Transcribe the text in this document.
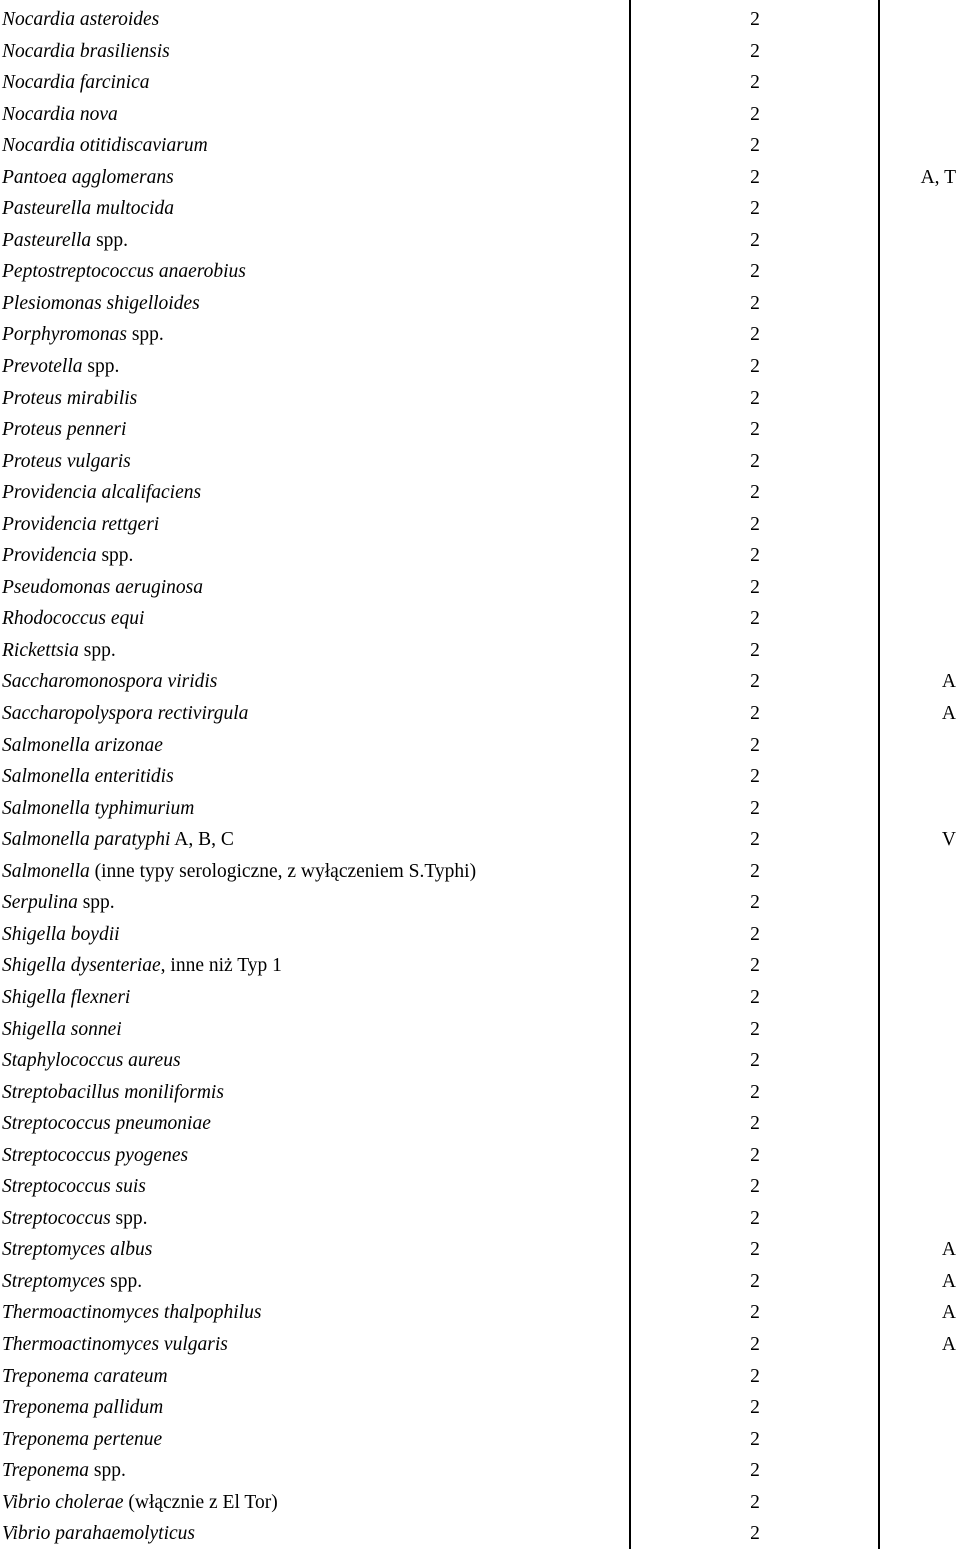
Nocardia asteroides	2
Nocardia brasiliensis	2
Nocardia farcinica	2
Nocardia nova	2
Nocardia otitidiscaviarum	2
Pantoea agglomerans	2	A, T
Pasteurella multocida	2
Pasteurella spp.	2
Peptostreptococcus anaerobius	2
Plesiomonas shigelloides	2
Porphyromonas spp.	2
Prevotella spp.	2
Proteus mirabilis	2
Proteus penneri	2
Proteus vulgaris	2
Providencia alcalifaciens	2
Providencia rettgeri	2
Providencia spp.	2
Pseudomonas aeruginosa	2
Rhodococcus equi	2
Rickettsia spp.	2
Saccharomonospora viridis	2	A
Saccharopolyspora rectivirgula	2	A
Salmonella arizonae	2
Salmonella enteritidis	2
Salmonella typhimurium	2
Salmonella paratyphi A, B, C	2	V
Salmonella (inne typy serologiczne, z wyłączeniem S.Typhi)	2
Serpulina spp.	2
Shigella boydii	2
Shigella dysenteriae, inne niż Typ 1	2
Shigella flexneri	2
Shigella sonnei	2
Staphylococcus aureus	2
Streptobacillus moniliformis	2
Streptococcus pneumoniae	2
Streptococcus pyogenes	2
Streptococcus suis	2
Streptococcus spp.	2
Streptomyces albus	2	A
Streptomyces spp.	2	A
Thermoactinomyces thalpophilus	2	A
Thermoactinomyces vulgaris	2	A
Treponema carateum	2
Treponema pallidum	2
Treponema pertenue	2
Treponema spp.	2
Vibrio cholerae (włącznie z El Tor)	2
Vibrio parahaemolyticus	2
